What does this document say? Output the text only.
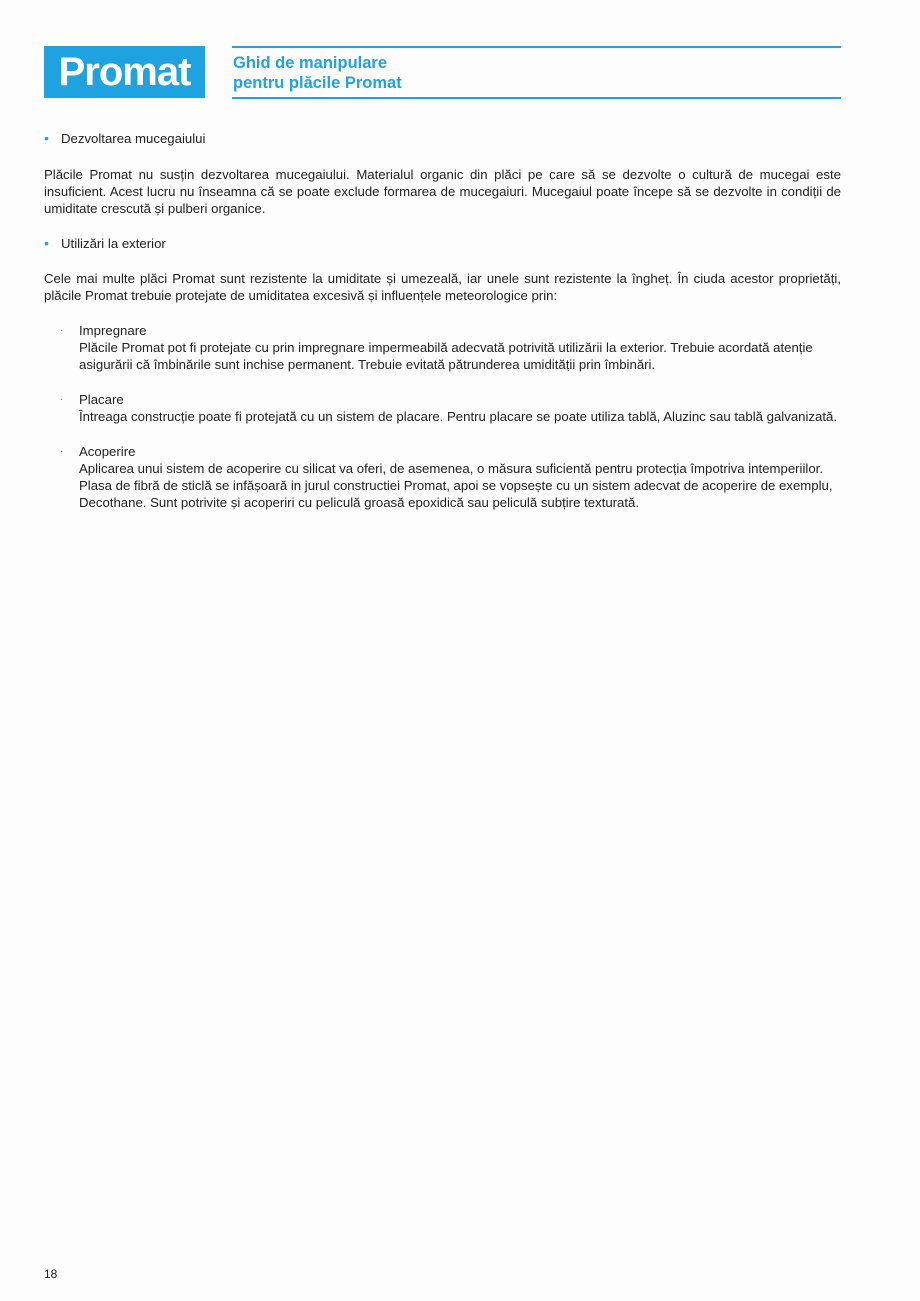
Promat	Ghid de manipulare
pentru plăcile Promat
• Dezvoltarea mucegaiului

Plăcile Promat nu susțin dezvoltarea mucegaiului. Materialul organic din plăci pe care să se dezvolte o cultură de mucegai este insuficient. Acest lucru nu înseamna că se poate exclude formarea de mucegaiuri. Mucegaiul poate începe să se dezvolte in condiții de umiditate crescută și pulberi organice.

• Utilizări la exterior

Cele mai multe plăci Promat sunt rezistente la umiditate și umezeală, iar unele sunt rezistente la îngheț. În ciuda acestor proprietăți, plăcile Promat trebuie protejate de umiditatea excesivă și influențele meteorologice prin:

·	Impregnare
Plăcile Promat pot fi protejate cu prin impregnare impermeabilă adecvată potrivită utilizării la exterior. Trebuie acordată atenție asigurării că îmbinările sunt inchise permanent. Trebuie evitată pătrunderea umidității prin îmbinări.
·	Placare
Întreaga construcție poate fi protejată cu un sistem de placare. Pentru placare se poate utiliza tablă, Aluzinc sau tablă galvanizată.
·	Acoperire
Aplicarea unui sistem de acoperire cu silicat va oferi, de asemenea, o măsura suficientă pentru protecția împotriva intemperiilor. Plasa de fibră de sticlă se infășoară in jurul constructiei Promat, apoi se vopsește cu un sistem adecvat de acoperire de exemplu, Decothane. Sunt potrivite și acoperiri cu peliculă groasă epoxidică sau peliculă subțire texturată.
18
